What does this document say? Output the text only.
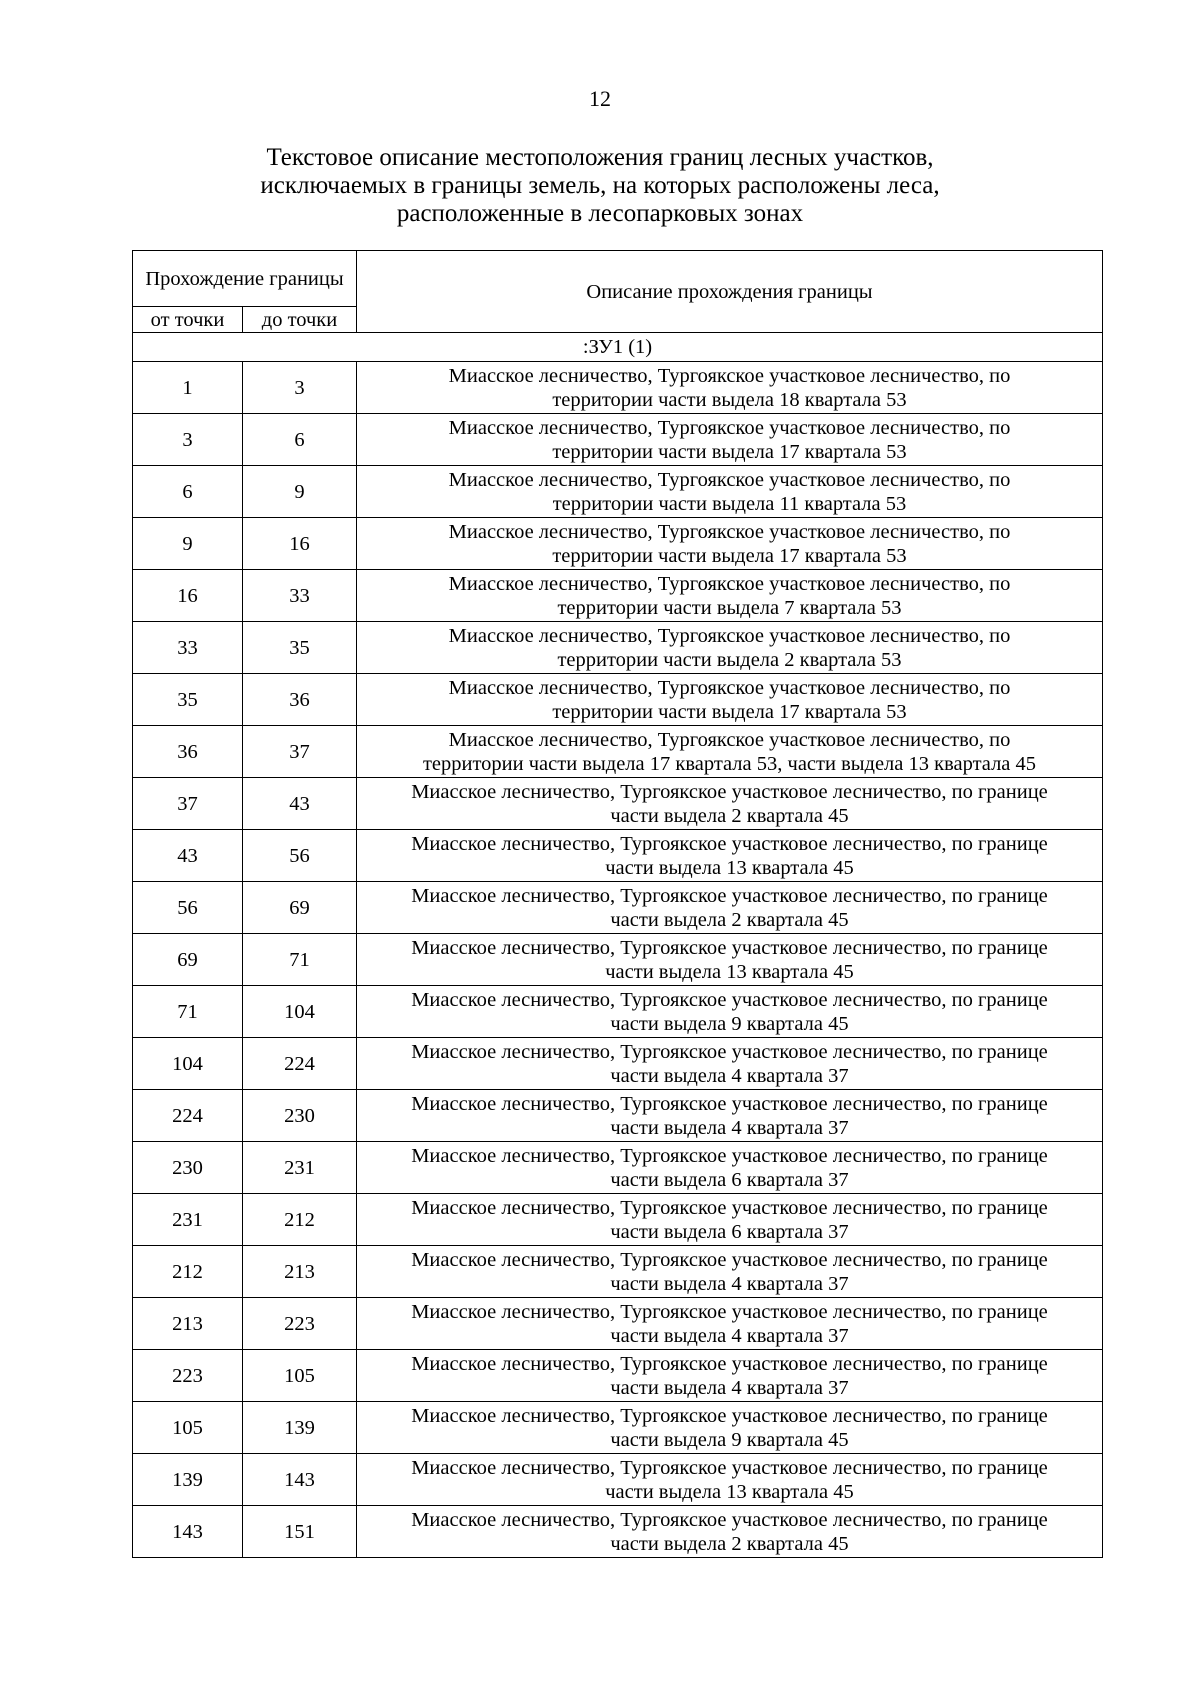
12
Текстовое описание местоположения границ лесных участков,
исключаемых в границы земель, на которых расположены леса,
расположенные в лесопарковых зонах
Прохождение границы		Описание прохождения границы
от точки	до точки	
:ЗУ1 (1)		
1	3	Миасское лесничество, Тургоякское участковое лесничество, по
территории части выдела 18 квартала 53

3	6	Миасское лесничество, Тургоякское участковое лесничество, по
территории части выдела 17 квартала 53

6	9	Миасское лесничество, Тургоякское участковое лесничество, по
территории части выдела 11 квартала 53

9	16	Миасское лесничество, Тургоякское участковое лесничество, по
территории части выдела 17 квартала 53

16	33	Миасское лесничество, Тургоякское участковое лесничество, по
территории части выдела 7 квартала 53

33	35	Миасское лесничество, Тургоякское участковое лесничество, по
территории части выдела 2 квартала 53

35	36	Миасское лесничество, Тургоякское участковое лесничество, по
территории части выдела 17 квартала 53

36	37	Миасское лесничество, Тургоякское участковое лесничество, по
территории части выдела 17 квартала 53, части выдела 13 квартала 45

37	43	Миасское лесничество, Тургоякское участковое лесничество, по границе
части выдела 2 квартала 45

43	56	Миасское лесничество, Тургоякское участковое лесничество, по границе
части выдела 13 квартала 45

56	69	Миасское лесничество, Тургоякское участковое лесничество, по границе
части выдела 2 квартала 45

69	71	Миасское лесничество, Тургоякское участковое лесничество, по границе
части выдела 13 квартала 45

71	104	Миасское лесничество, Тургоякское участковое лесничество, по границе
части выдела 9 квартала 45

104	224	Миасское лесничество, Тургоякское участковое лесничество, по границе
части выдела 4 квартала 37

224	230	Миасское лесничество, Тургоякское участковое лесничество, по границе
части выдела 4 квартала 37

230	231	Миасское лесничество, Тургоякское участковое лесничество, по границе
части выдела 6 квартала 37

231	212	Миасское лесничество, Тургоякское участковое лесничество, по границе
части выдела 6 квартала 37

212	213	Миасское лесничество, Тургоякское участковое лесничество, по границе
части выдела 4 квартала 37

213	223	Миасское лесничество, Тургоякское участковое лесничество, по границе
части выдела 4 квартала 37

223	105	Миасское лесничество, Тургоякское участковое лесничество, по границе
части выдела 4 квартала 37

105	139	Миасское лесничество, Тургоякское участковое лесничество, по границе
части выдела 9 квартала 45

139	143	Миасское лесничество, Тургоякское участковое лесничество, по границе
части выдела 13 квартала 45

143	151	Миасское лесничество, Тургоякское участковое лесничество, по границе
части выдела 2 квартала 45
